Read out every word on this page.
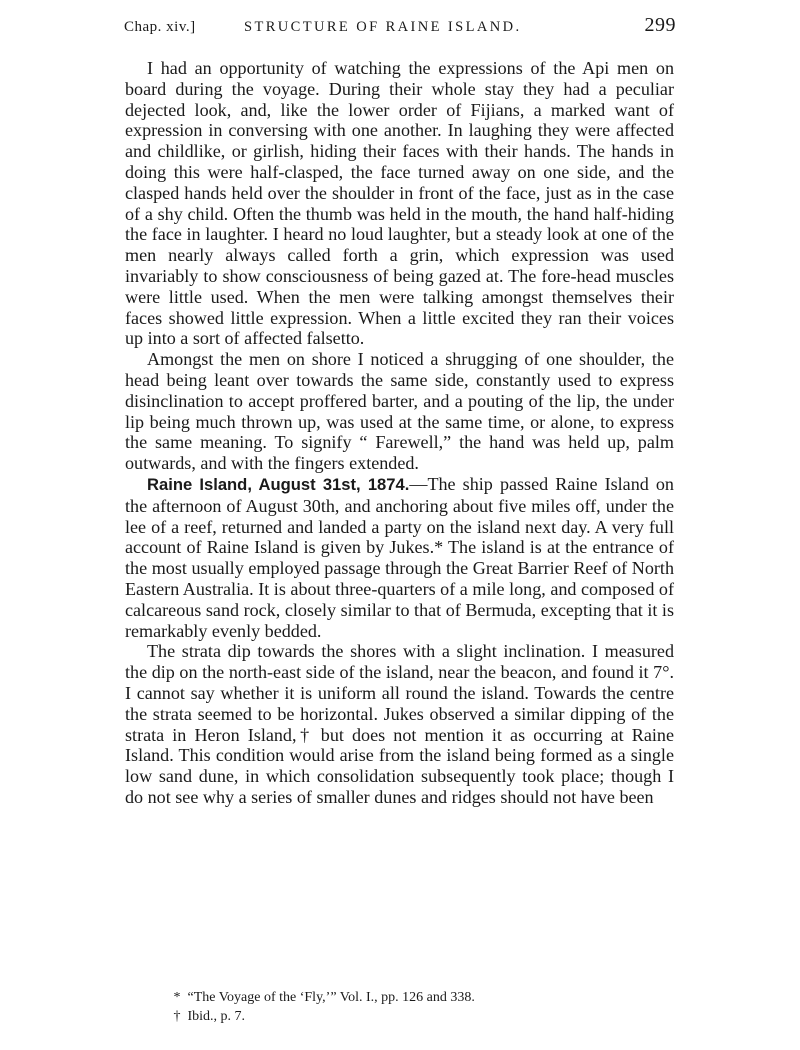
Chap. xiv.]	STRUCTURE OF RAINE ISLAND.	299

I had an opportunity of watching the expressions of the Api men on board during the voyage. During their whole stay they had a peculiar dejected look, and, like the lower order of Fijians, a marked want of expression in conversing with one another. In laughing they were affected and childlike, or girlish, hiding their faces with their hands. The hands in doing this were half-clasped, the face turned away on one side, and the clasped hands held over the shoulder in front of the face, just as in the case of a shy child. Often the thumb was held in the mouth, the hand half-hiding the face in laughter. I heard no loud laughter, but a steady look at one of the men nearly always called forth a grin, which expression was used invariably to show consciousness of being gazed at. The fore-head muscles were little used. When the men were talking amongst themselves their faces showed little expression. When a little excited they ran their voices up into a sort of affected falsetto.

Amongst the men on shore I noticed a shrugging of one shoulder, the head being leant over towards the same side, constantly used to express disinclination to accept proffered barter, and a pouting of the lip, the under lip being much thrown up, was used at the same time, or alone, to express the same meaning. To signify “ Farewell,” the hand was held up, palm outwards, and with the fingers extended.

Raine Island, August 31st, 1874.—The ship passed Raine Island on the afternoon of August 30th, and anchoring about five miles off, under the lee of a reef, returned and landed a party on the island next day. A very full account of Raine Island is given by Jukes.* The island is at the entrance of the most usually employed passage through the Great Barrier Reef of North Eastern Australia. It is about three-quarters of a mile long, and composed of calcareous sand rock, closely similar to that of Bermuda, excepting that it is remarkably evenly bedded.

The strata dip towards the shores with a slight inclination. I measured the dip on the north-east side of the island, near the beacon, and found it 7°. I cannot say whether it is uniform all round the island. Towards the centre the strata seemed to be horizontal. Jukes observed a similar dipping of the strata in Heron Island,† but does not mention it as occurring at Raine Island. This condition would arise from the island being formed as a single low sand dune, in which consolidation subsequently took place; though I do not see why a series of smaller dunes and ridges should not have been

* “The Voyage of the ‘Fly,’” Vol. I., pp. 126 and 338.
† Ibid., p. 7.
